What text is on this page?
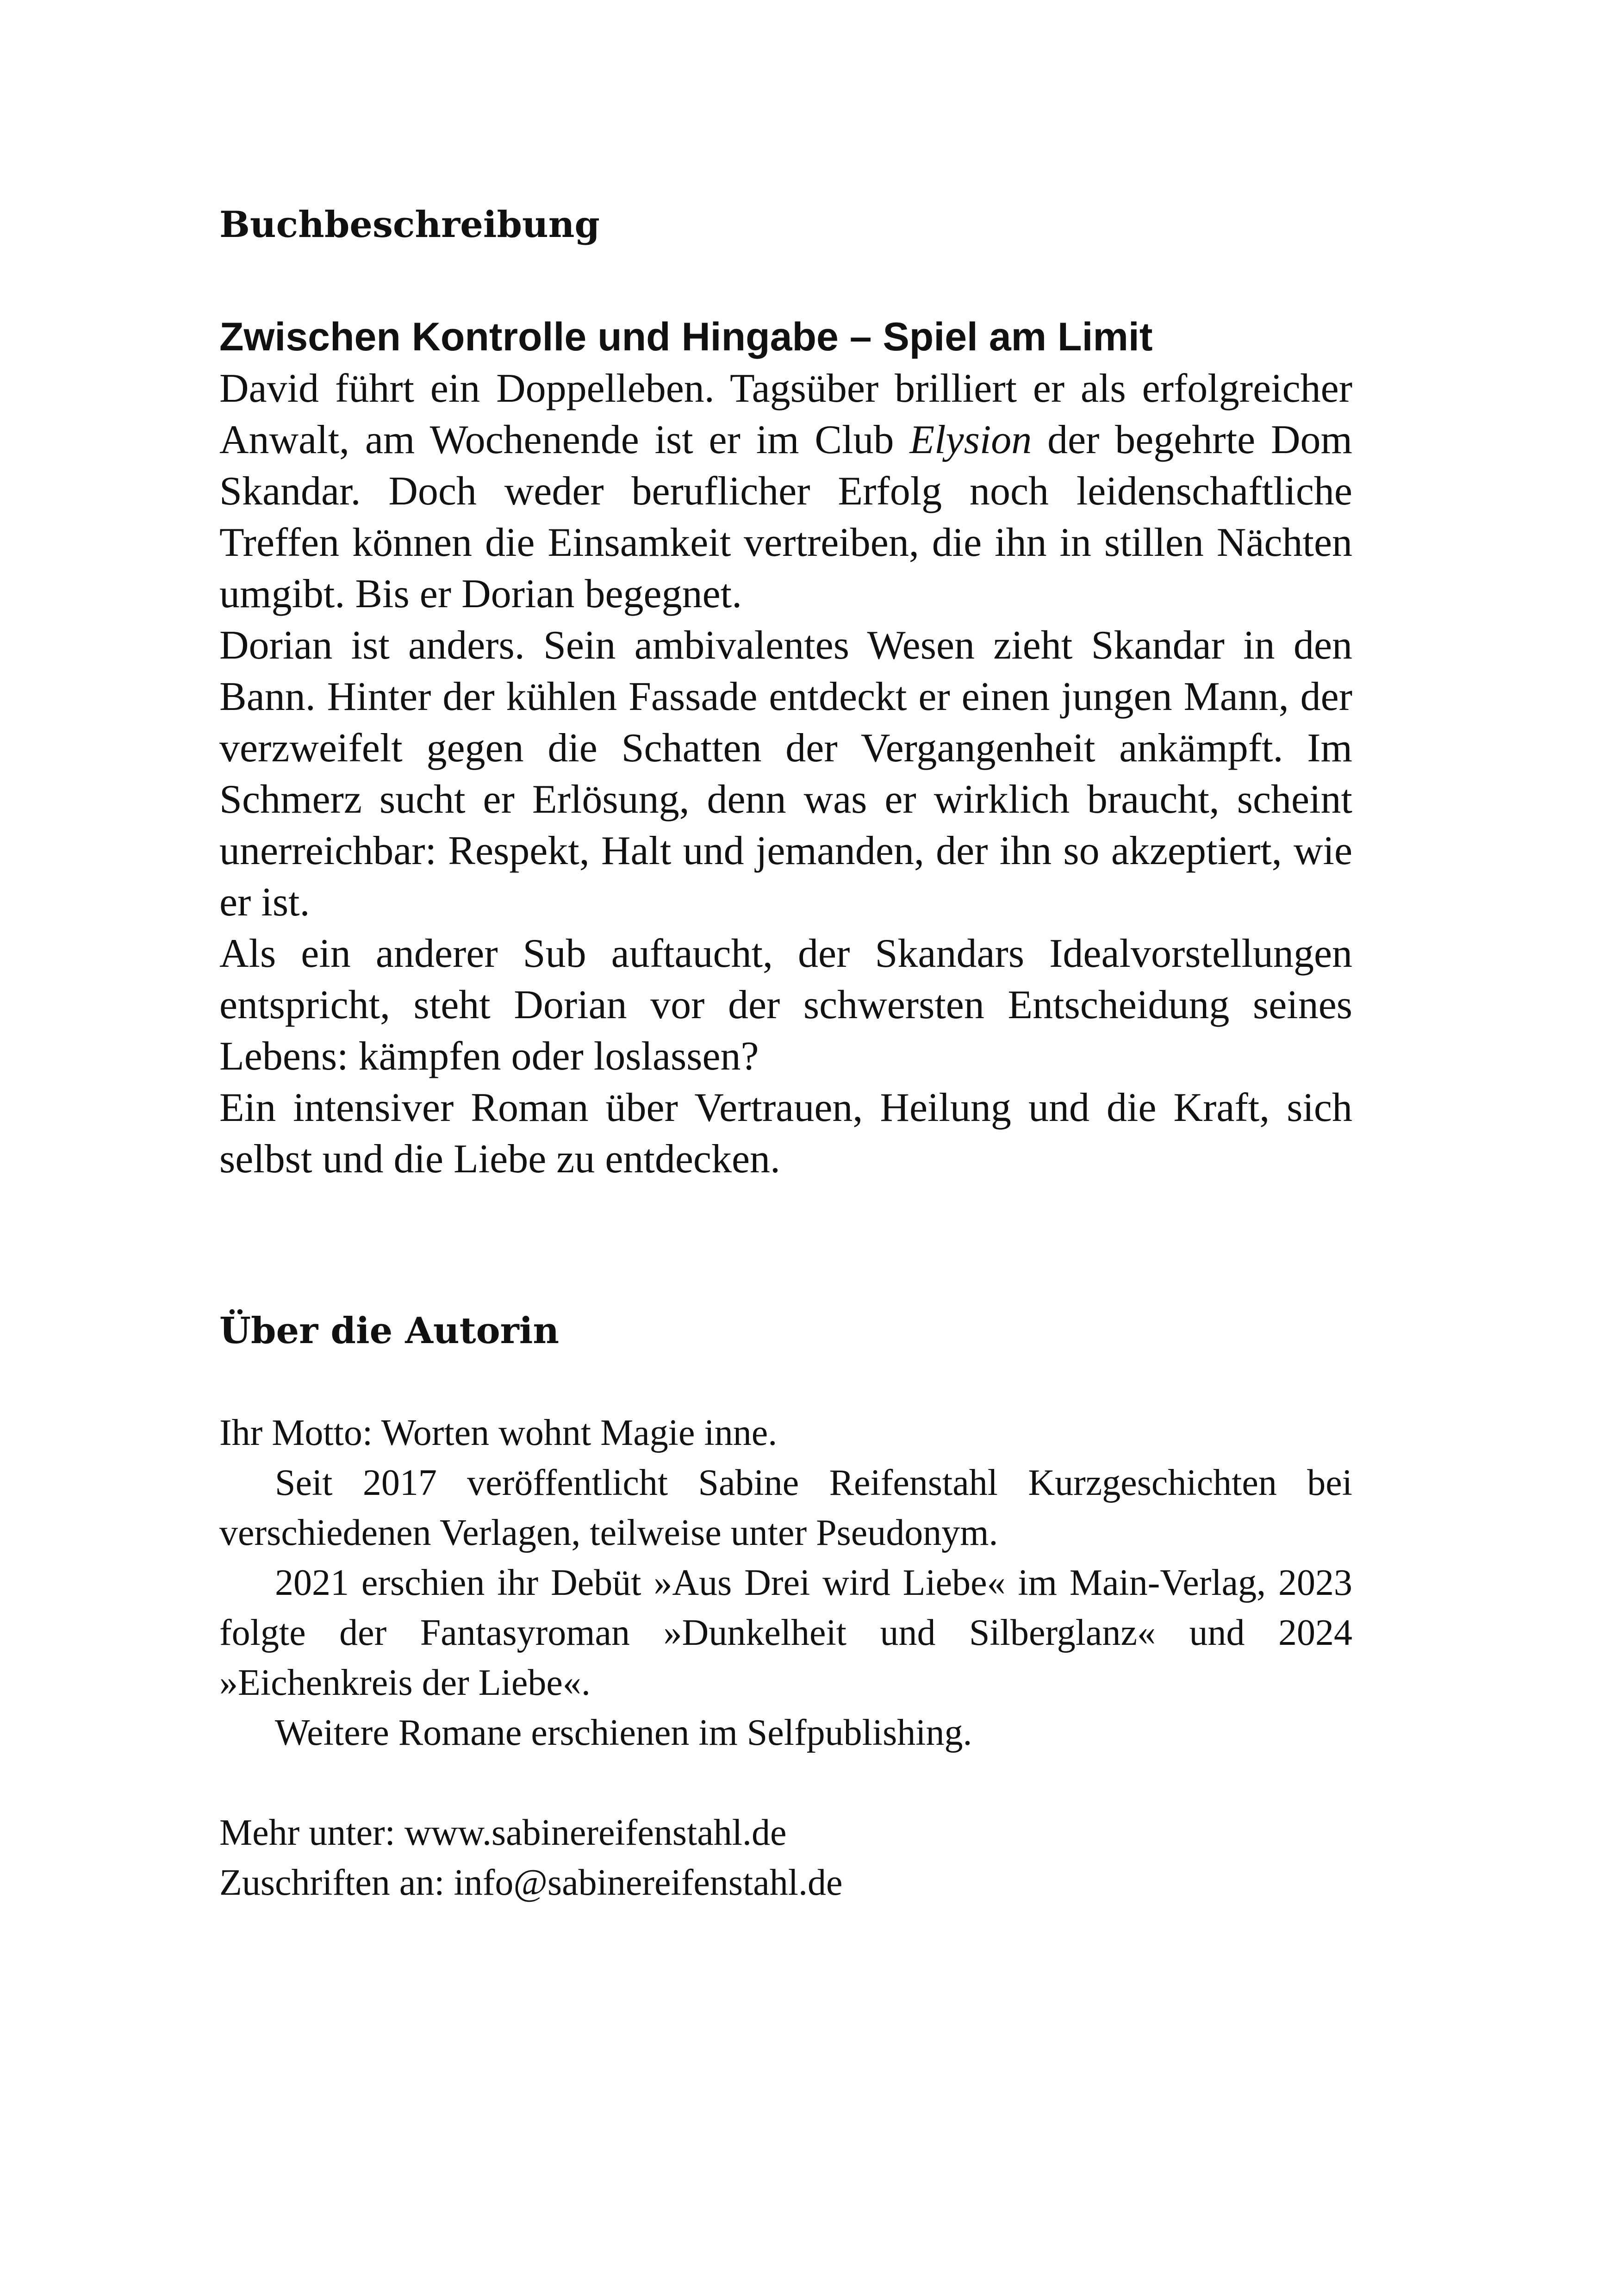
Buchbeschreibung
Zwischen Kontrolle und Hingabe – Spiel am Limit

David führt ein Doppelleben. Tagsüber brilliert er als erfolgreicher Anwalt, am Wochenende ist er im Club Elysion der begehrte Dom Skandar. Doch weder beruflicher Erfolg noch leidenschaftliche Treffen können die Einsamkeit vertreiben, die ihn in stillen Nächten umgibt. Bis er Dorian begegnet.

Dorian ist anders. Sein ambivalentes Wesen zieht Skandar in den Bann. Hinter der kühlen Fassade entdeckt er einen jungen Mann, der verzweifelt gegen die Schatten der Vergangenheit ankämpft. Im Schmerz sucht er Erlösung, denn was er wirklich braucht, scheint unerreichbar: Respekt, Halt und jemanden, der ihn so akzeptiert, wie er ist.

Als ein anderer Sub auftaucht, der Skandars Idealvorstellungen entspricht, steht Dorian vor der schwersten Entscheidung seines Lebens: kämpfen oder loslassen?

Ein intensiver Roman über Vertrauen, Heilung und die Kraft, sich selbst und die Liebe zu entdecken.

Über die Autorin

Ihr Motto: Worten wohnt Magie inne.

Seit 2017 veröffentlicht Sabine Reifenstahl Kurzgeschichten bei verschiedenen Verlagen, teilweise unter Pseudonym.

2021 erschien ihr Debüt »Aus Drei wird Liebe« im Main-Verlag, 2023 folgte der Fantasyroman »Dunkelheit und Silberglanz« und 2024 »Eichenkreis der Liebe«.

Weitere Romane erschienen im Selfpublishing.

Mehr unter: www.sabinereifenstahl.de

Zuschriften an: info@sabinereifenstahl.de
